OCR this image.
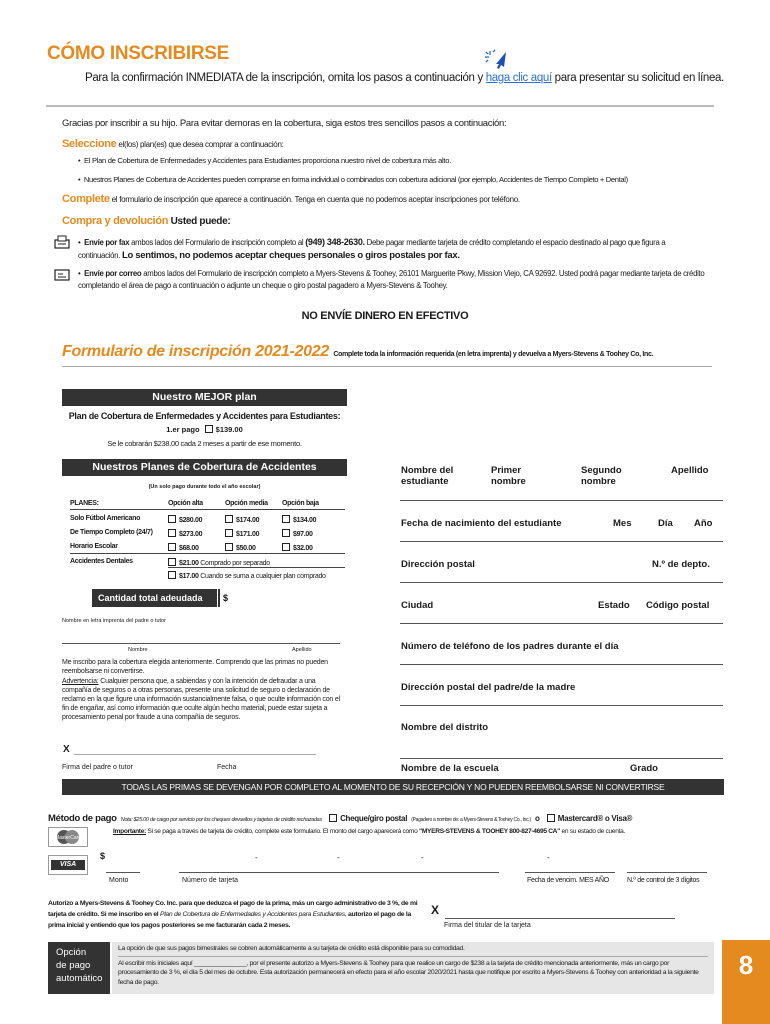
CÓMO INSCRIBIRSE
Para la confirmación INMEDIATA de la inscripción, omita los pasos a continuación y haga clic aquí para presentar su solicitud en línea.
Gracias por inscribir a su hijo. Para evitar demoras en la cobertura, siga estos tres sencillos pasos a continuación:
Seleccione el(los) plan(es) que desea comprar a continuación:
•  El Plan de Cobertura de Enfermedades y Accidentes para Estudiantes proporciona nuestro nivel de cobertura más alto.
•  Nuestros Planes de Cobertura de Accidentes pueden comprarse en forma individual o combinados con cobertura adicional (por ejemplo, Accidentes de Tiempo Completo + Dental)
Complete el formulario de inscripción que aparece a continuación. Tenga en cuenta que no podemos aceptar inscripciones por teléfono.
Compra y devolución Usted puede:
•  Envíe por fax ambos lados del Formulario de inscripción completo al (949) 348-2630. Debe pagar mediante tarjeta de crédito completando el espacio destinado al pago que figura a continuación. Lo sentimos, no podemos aceptar cheques personales o giros postales por fax.
•  Envíe por correo ambos lados del Formulario de inscripción completo a Myers-Stevens & Toohey, 26101 Marguerite Pkwy, Mission Viejo, CA 92692. Usted podrá pagar mediante tarjeta de crédito completando el área de pago a continuación o adjunte un cheque o giro postal pagadero a Myers-Stevens & Toohey.
NO ENVÍE DINERO EN EFECTIVO
Formulario de inscripción 2021-2022 Complete toda la información requerida (en letra imprenta) y devuelva a Myers-Stevens & Toohey Co, Inc.
Nuestro MEJOR plan
Plan de Cobertura de Enfermedades y Accidentes para Estudiantes:
1.er pago $139.00
Se le cobrarán $238.00 cada 2 meses a partir de ese momento.
Nuestros Planes de Cobertura de Accidentes
(Un solo pago durante todo el año escolar)
PLANES:	Opción alta	Opción media Opción baja
Solo Fútbol Americano	$280.00	$174.00	$134.00
De Tiempo Completo (24/7)	$273.00	$171.00	$97.00
Horario Escolar	$68.00	$50.00	$32.00
Accidentes Dentales	$21.00 Comprado por separado
$17.00 Cuando se suma a cualquier plan comprado
Cantidad total adeudada	$
Nombre en letra imprenta del padre o tutor
Nombre	Apellido
Me inscribo para la cobertura elegida anteriormente. Comprendo que las primas no pueden reembolsarse ni convertirse.
Advertencia: Cualquier persona que, a sabiendas y con la intención de defraudar a una compañía de seguros o a otras personas, presente una solicitud de seguro o declaración de reclamo en la que figure una información sustancialmente falsa, o que oculte información con el fin de engañar, así como información que oculte algún hecho material, puede estar sujeta a procesamiento penal por fraude a una compañía de seguros.
X
Firma del padre o tutor	Fecha
Nombre del estudiante
Primer nombre
Segundo nombre
Apellido
Fecha de nacimiento del estudiante	Mes	Día Año
Dirección postal	N.º de depto.
Ciudad	Estado Código postal
Número de teléfono de los padres durante el día
Dirección postal del padre/de la madre
Nombre del distrito
Nombre de la escuela	Grado
TODAS LAS PRIMAS SE DEVENGAN POR COMPLETO AL MOMENTO DE SU RECEPCIÓN Y NO PUEDEN REEMBOLSARSE NI CONVERTIRSE
Método de pago Nota: $25.00 de cargo por servicio por los cheques devueltos y tarjetas de crédito rechazadas Cheque/giro postal (Pagadero a nombre de: a Myers-Stevens & Toohey Co., Inc.) o Mastercard® o Visa®
MasterCard
VISA
Importante: Si se paga a través de tarjeta de crédito, complete este formulario. El monto del cargo aparecerá como "MYERS-STEVENS & TOOHEY 800-827-4695 CA" en su estado de cuenta.
$	-	-	-	-
Monto	Número de tarjeta	Fecha de vencim. MES AÑO	N.º de control de 3 dígitos
Autorizo a Myers-Stevens & Toohey Co. Inc. para que deduzca el pago de la prima, más un cargo administrativo de 3 %, de mi tarjeta de crédito. Si me inscribo en el Plan de Cobertura de Enfermedades y Accidentes para Estudiantes, autorizo el pago de la prima inicial y entiendo que los pagos posteriores se me facturarán cada 2 meses.
X
Firma del titular de la tarjeta
Opción
de pago
automático
La opción de que sus pagos bimestrales se cobren automáticamente a su tarjeta de crédito está disponible para su comodidad.
Al escribir mis iniciales aquí _______________, por el presente autorizo a Myers-Stevens & Toohey para que realice un cargo de $238 a la tarjeta de crédito mencionada anteriormente, más un cargo por procesamiento de 3 %, el día 5 del mes de octubre. Esta autorización permanecerá en efecto para el año escolar 2020/2021 hasta que notifique por escrito a Myers-Stevens & Toohey con anterioridad a la siguiente fecha de pago.
8
